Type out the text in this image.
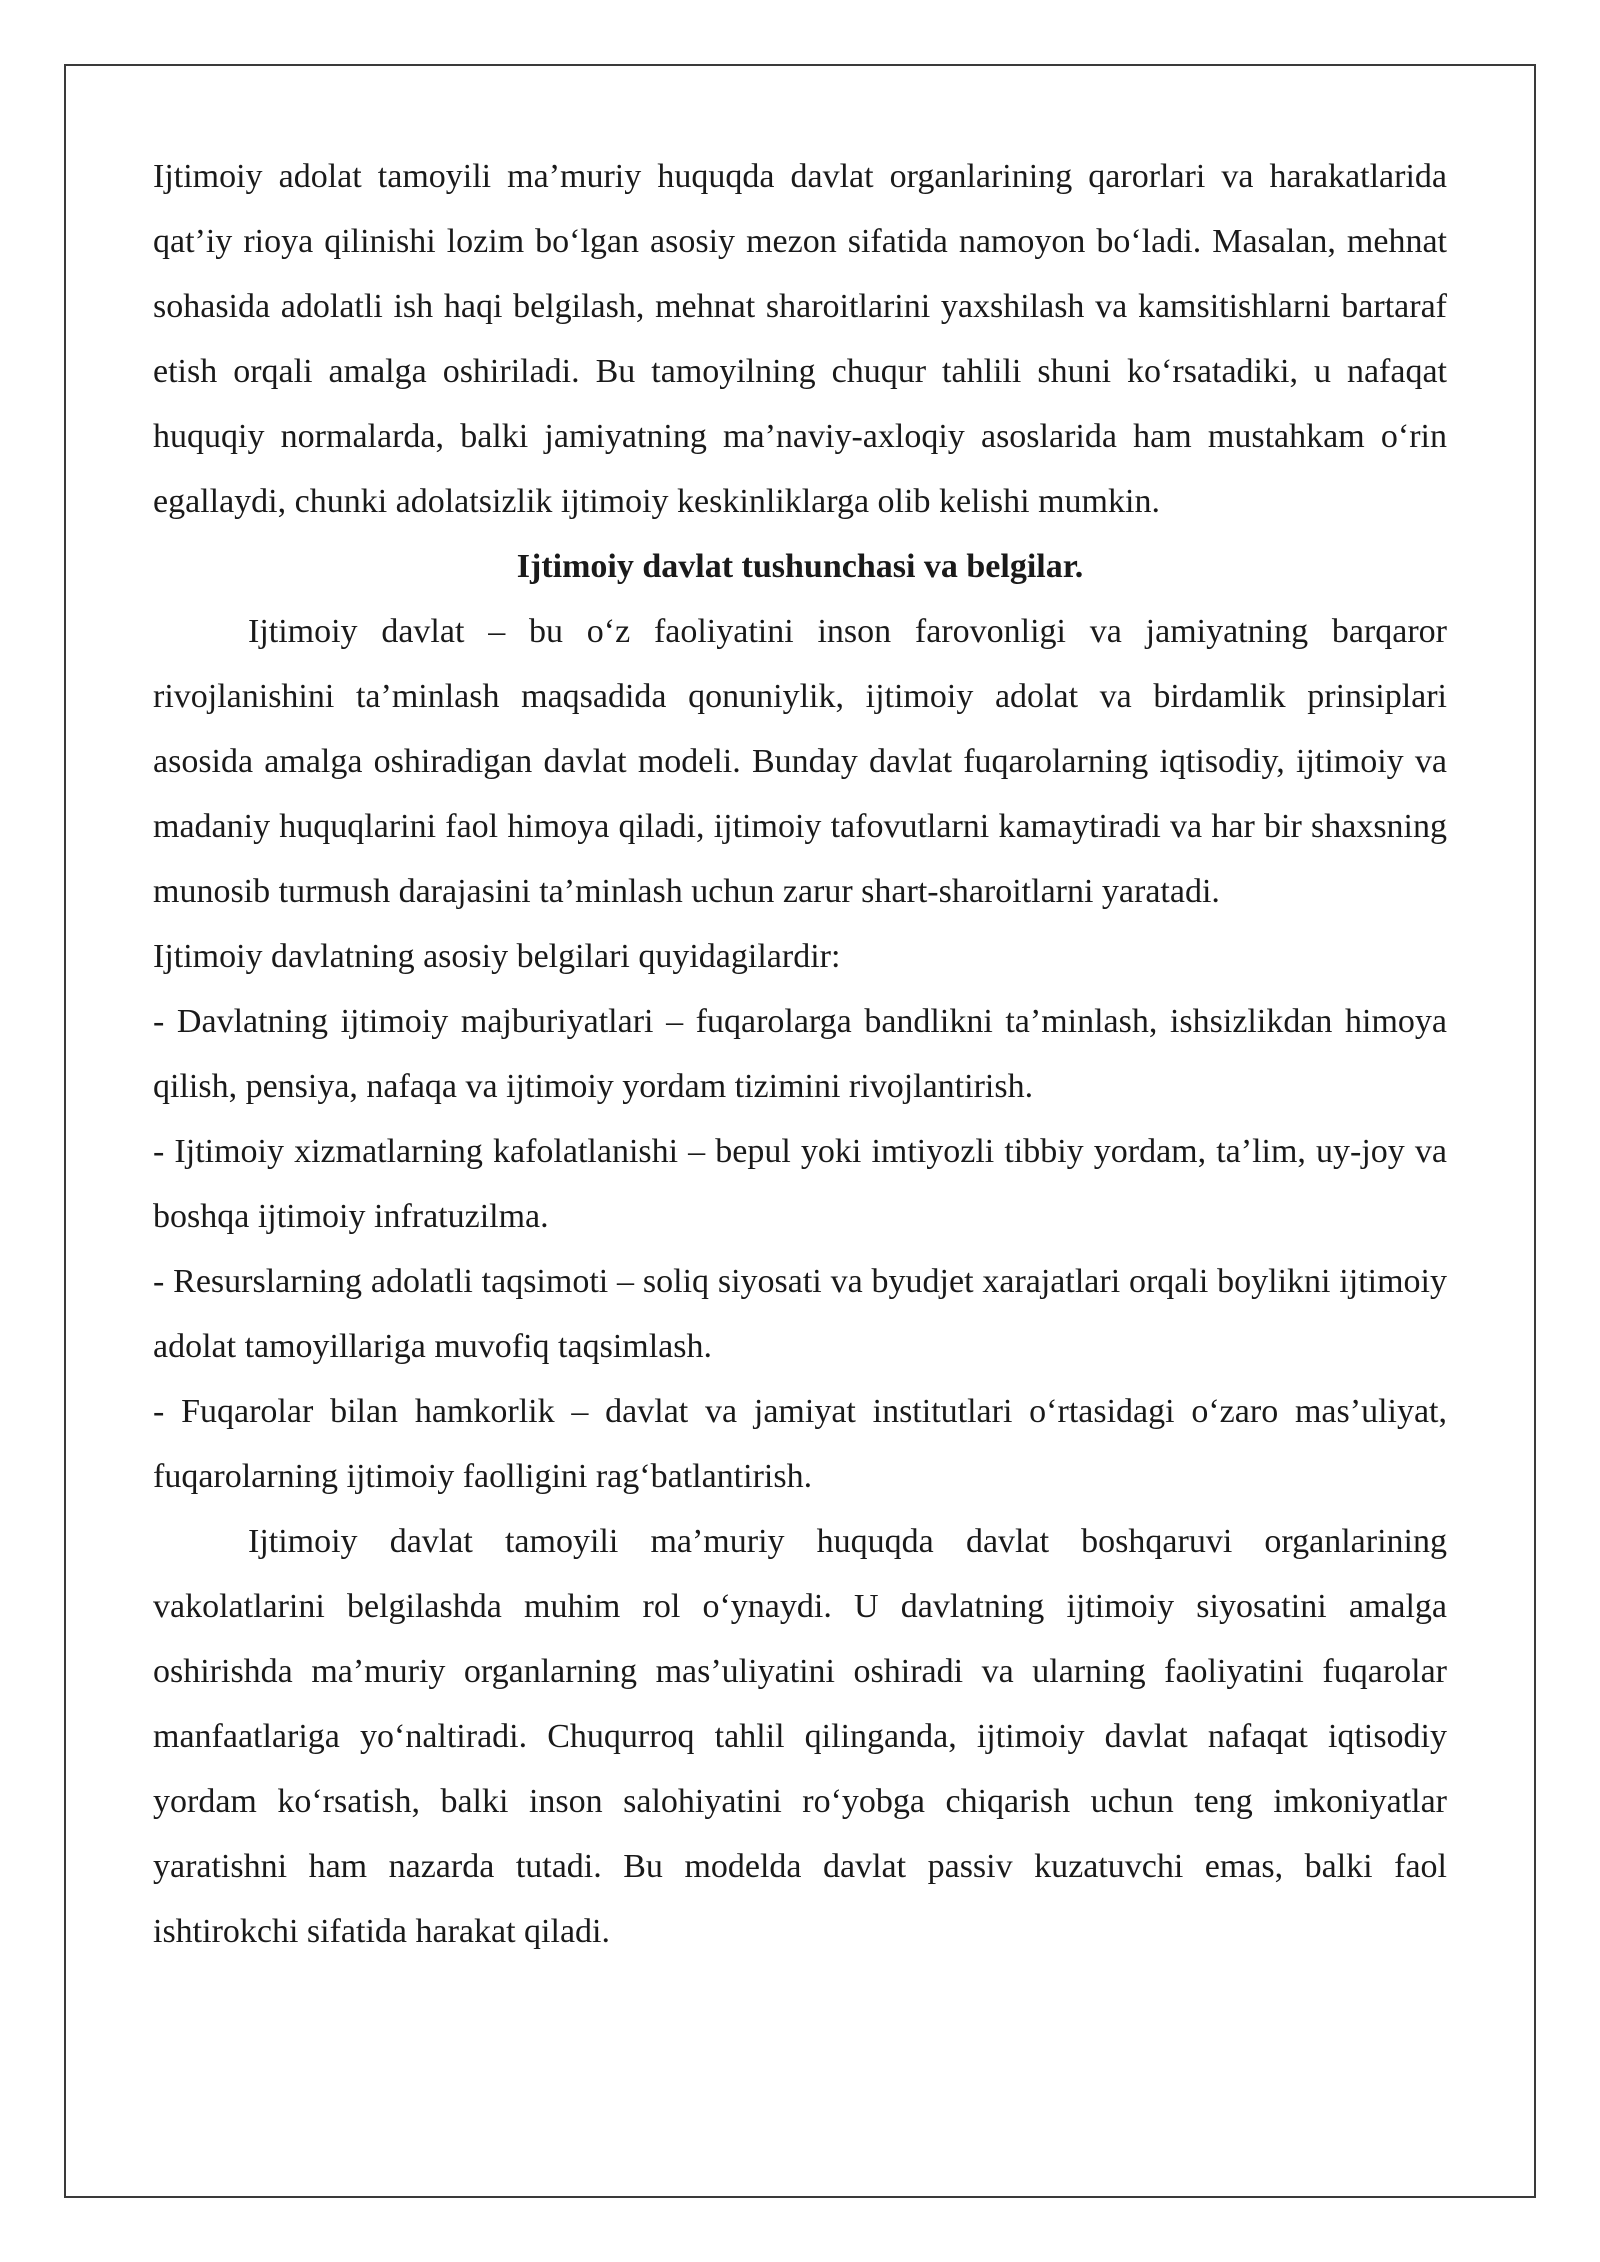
Ijtimoiy adolat tamoyili ma’muriy huquqda davlat organlarining qarorlari va harakatlarida qat’iy rioya qilinishi lozim bo‘lgan asosiy mezon sifatida namoyon bo‘ladi. Masalan, mehnat sohasida adolatli ish haqi belgilash, mehnat sharoitlarini yaxshilash va kamsitishlarni bartaraf etish orqali amalga oshiriladi. Bu tamoyilning chuqur tahlili shuni ko‘rsatadiki, u nafaqat huquqiy normalarda, balki jamiyatning ma’naviy-axloqiy asoslarida ham mustahkam o‘rin egallaydi, chunki adolatsizlik ijtimoiy keskinliklarga olib kelishi mumkin.

Ijtimoiy davlat tushunchasi va belgilar.

Ijtimoiy davlat – bu o‘z faoliyatini inson farovonligi va jamiyatning barqaror rivojlanishini ta’minlash maqsadida qonuniylik, ijtimoiy adolat va birdamlik prinsiplari asosida amalga oshiradigan davlat modeli. Bunday davlat fuqarolarning iqtisodiy, ijtimoiy va madaniy huquqlarini faol himoya qiladi, ijtimoiy tafovutlarni kamaytiradi va har bir shaxsning munosib turmush darajasini ta’minlash uchun zarur shart-sharoitlarni yaratadi.

Ijtimoiy davlatning asosiy belgilari quyidagilardir:

- Davlatning ijtimoiy majburiyatlari – fuqarolarga bandlikni ta’minlash, ishsizlikdan himoya qilish, pensiya, nafaqa va ijtimoiy yordam tizimini rivojlantirish.

- Ijtimoiy xizmatlarning kafolatlanishi – bepul yoki imtiyozli tibbiy yordam, ta’lim, uy-joy va boshqa ijtimoiy infratuzilma.

- Resurslarning adolatli taqsimoti – soliq siyosati va byudjet xarajatlari orqali boylikni ijtimoiy adolat tamoyillariga muvofiq taqsimlash.

- Fuqarolar bilan hamkorlik – davlat va jamiyat institutlari o‘rtasidagi o‘zaro mas’uliyat, fuqarolarning ijtimoiy faolligini rag‘batlantirish.

Ijtimoiy davlat tamoyili ma’muriy huquqda davlat boshqaruvi organlarining vakolatlarini belgilashda muhim rol o‘ynaydi. U davlatning ijtimoiy siyosatini amalga oshirishda ma’muriy organlarning mas’uliyatini oshiradi va ularning faoliyatini fuqarolar manfaatlariga yo‘naltiradi. Chuqurroq tahlil qilinganda, ijtimoiy davlat nafaqat iqtisodiy yordam ko‘rsatish, balki inson salohiyatini ro‘yobga chiqarish uchun teng imkoniyatlar yaratishni ham nazarda tutadi. Bu modelda davlat passiv kuzatuvchi emas, balki faol ishtirokchi sifatida harakat qiladi.
